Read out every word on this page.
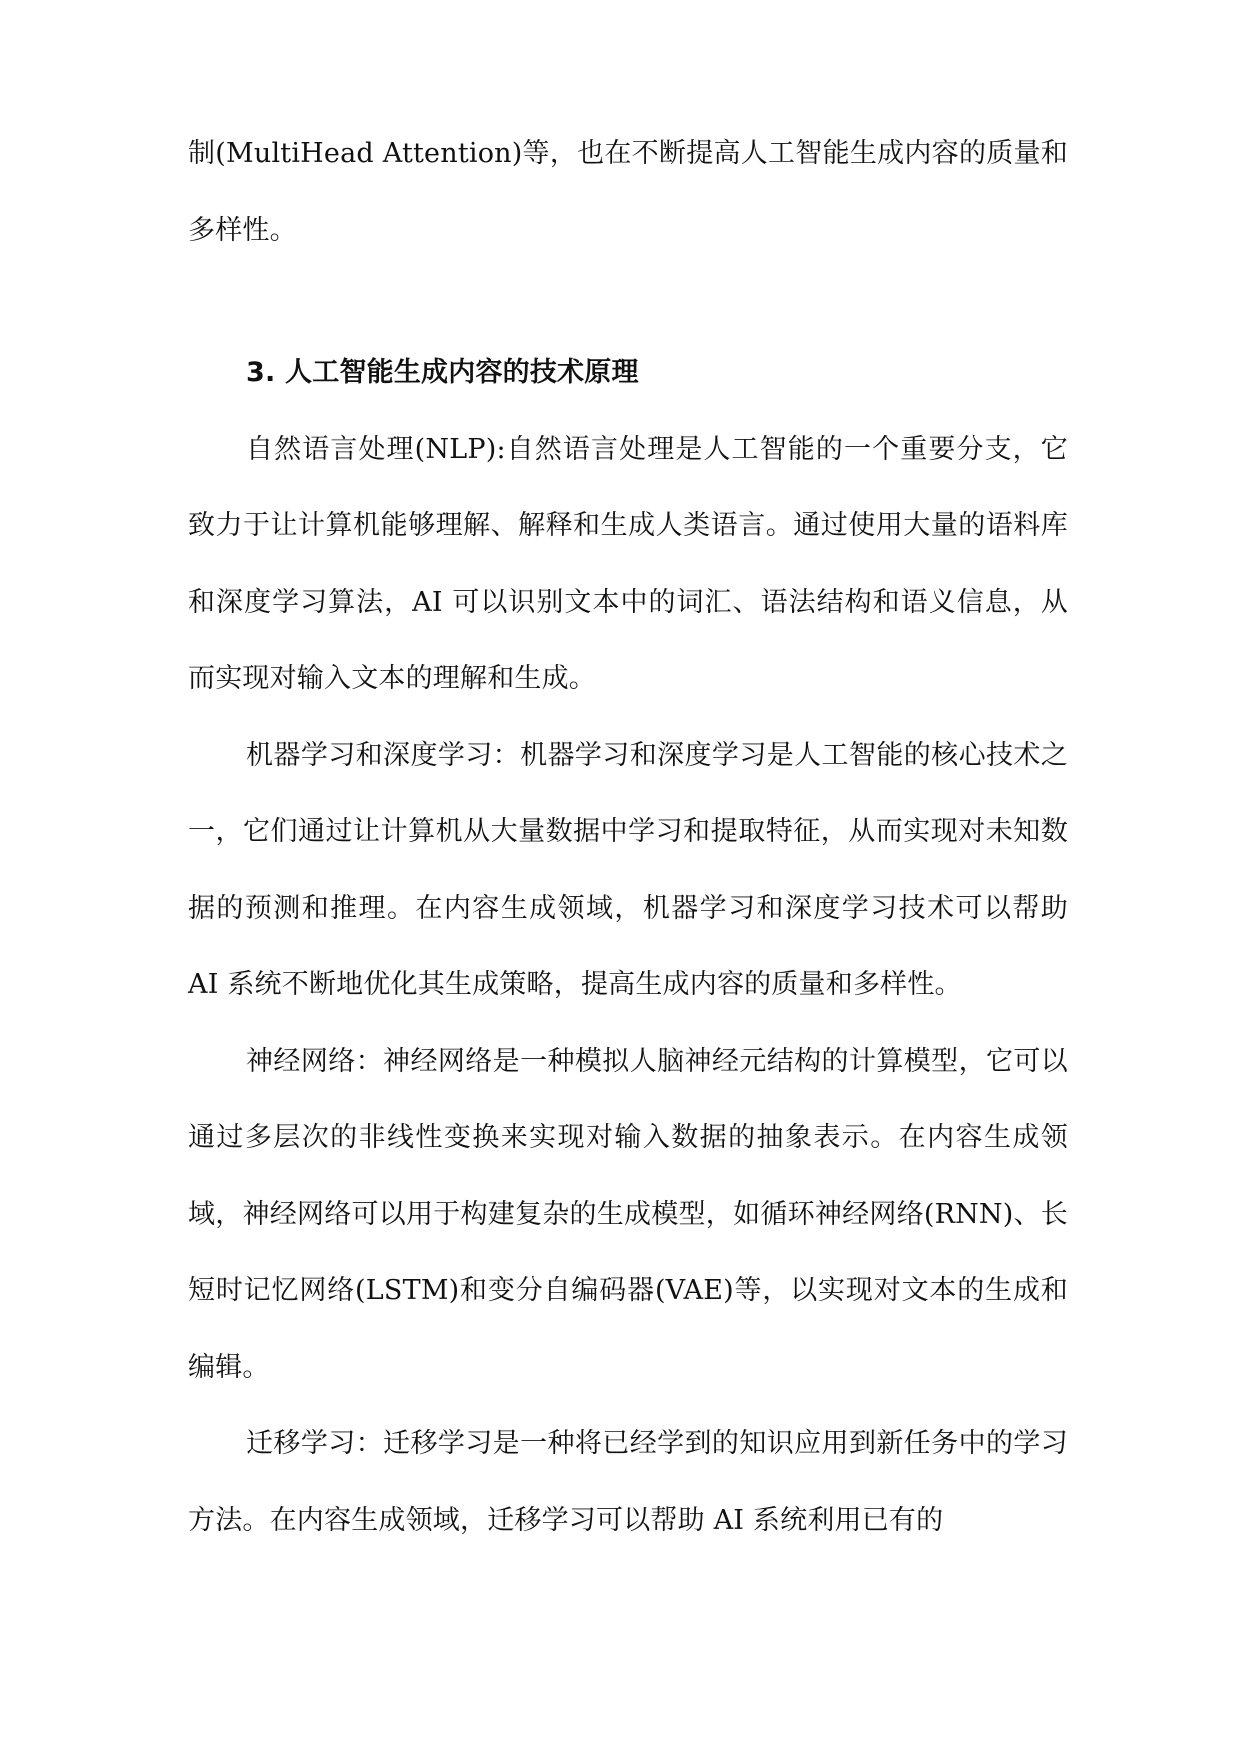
制(MultiHead Attention)等，也在不断提高人工智能生成内容的质量和多样性。

3. 人工智能生成内容的技术原理

自然语言处理(NLP):自然语言处理是人工智能的一个重要分支，它致力于让计算机能够理解、解释和生成人类语言。通过使用大量的语料库和深度学习算法，AI 可以识别文本中的词汇、语法结构和语义信息，从而实现对输入文本的理解和生成。

机器学习和深度学习：机器学习和深度学习是人工智能的核心技术之一，它们通过让计算机从大量数据中学习和提取特征，从而实现对未知数据的预测和推理。在内容生成领域，机器学习和深度学习技术可以帮助 AI 系统不断地优化其生成策略，提高生成内容的质量和多样性。

神经网络：神经网络是一种模拟人脑神经元结构的计算模型，它可以通过多层次的非线性变换来实现对输入数据的抽象表示。在内容生成领域，神经网络可以用于构建复杂的生成模型，如循环神经网络(RNN)、长短时记忆网络(LSTM)和变分自编码器(VAE)等，以实现对文本的生成和编辑。

迁移学习：迁移学习是一种将已经学到的知识应用到新任务中的学习方法。在内容生成领域，迁移学习可以帮助 AI 系统利用已有的
